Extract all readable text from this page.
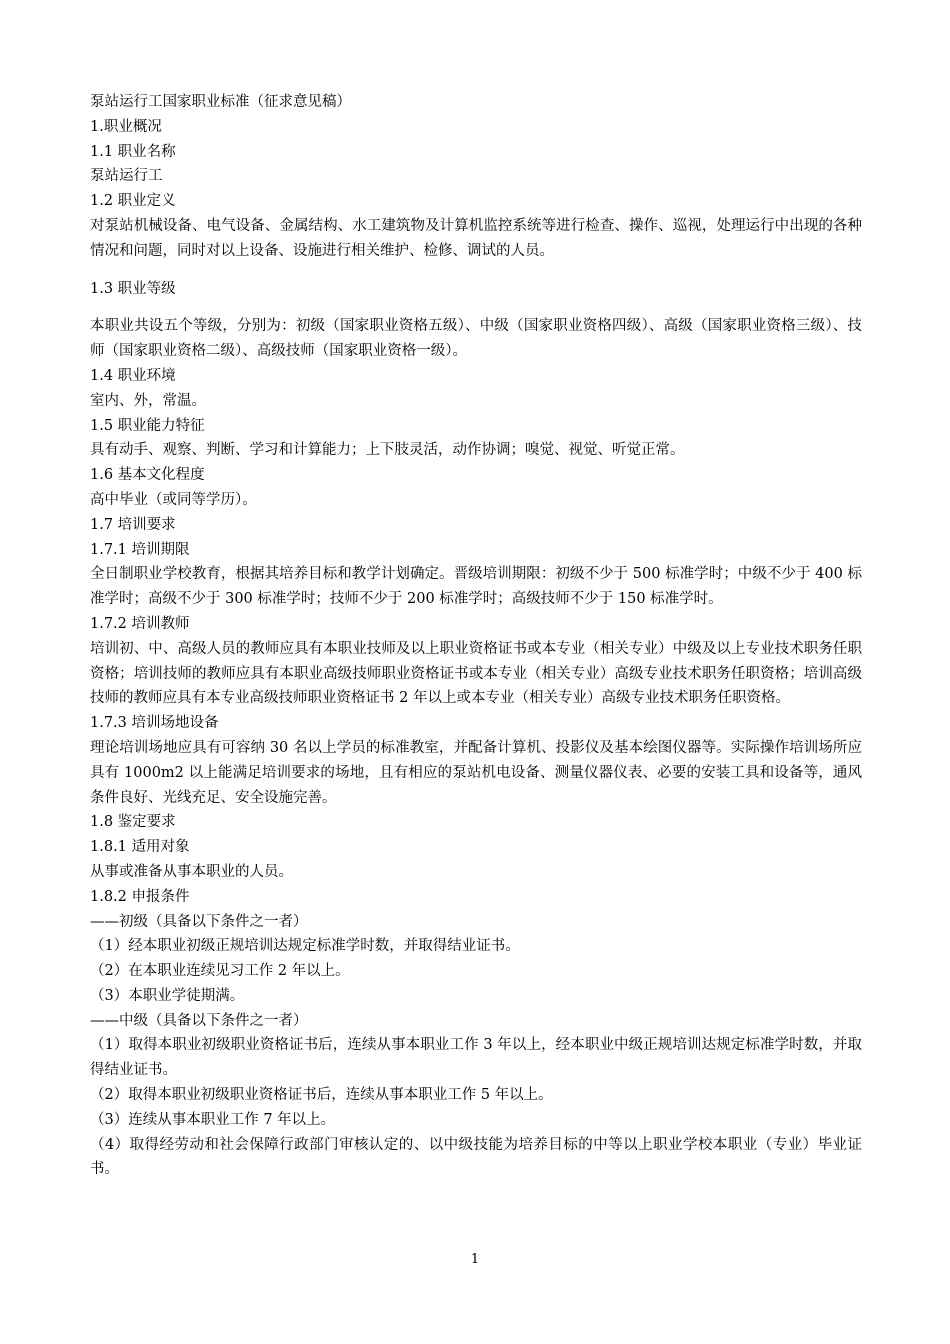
泵站运行工国家职业标准（征求意见稿）
1.职业概况
1.1 职业名称
泵站运行工
1.2 职业定义
对泵站机械设备、电气设备、金属结构、水工建筑物及计算机监控系统等进行检查、操作、巡视，处理运行中出现的各种情况和问题，同时对以上设备、设施进行相关维护、检修、调试的人员。
1.3 职业等级
本职业共设五个等级，分别为：初级（国家职业资格五级）、中级（国家职业资格四级）、高级（国家职业资格三级）、技师（国家职业资格二级）、高级技师（国家职业资格一级）。
1.4 职业环境
室内、外，常温。
1.5 职业能力特征
具有动手、观察、判断、学习和计算能力；上下肢灵活，动作协调；嗅觉、视觉、听觉正常。
1.6 基本文化程度
高中毕业（或同等学历）。
1.7 培训要求
1.7.1 培训期限
全日制职业学校教育，根据其培养目标和教学计划确定。晋级培训期限：初级不少于 500 标准学时；中级不少于 400 标准学时；高级不少于 300 标准学时；技师不少于 200 标准学时；高级技师不少于 150 标准学时。
1.7.2 培训教师
培训初、中、高级人员的教师应具有本职业技师及以上职业资格证书或本专业（相关专业）中级及以上专业技术职务任职资格；培训技师的教师应具有本职业高级技师职业资格证书或本专业（相关专业）高级专业技术职务任职资格；培训高级技师的教师应具有本专业高级技师职业资格证书 2 年以上或本专业（相关专业）高级专业技术职务任职资格。
1.7.3 培训场地设备
理论培训场地应具有可容纳 30 名以上学员的标准教室，并配备计算机、投影仪及基本绘图仪器等。实际操作培训场所应具有 1000m2 以上能满足培训要求的场地，且有相应的泵站机电设备、测量仪器仪表、必要的安装工具和设备等，通风条件良好、光线充足、安全设施完善。
1.8 鉴定要求
1.8.1 适用对象
从事或准备从事本职业的人员。
1.8.2 申报条件
——初级（具备以下条件之一者）
（1）经本职业初级正规培训达规定标准学时数，并取得结业证书。
（2）在本职业连续见习工作 2 年以上。
（3）本职业学徒期满。
——中级（具备以下条件之一者）
（1）取得本职业初级职业资格证书后，连续从事本职业工作 3 年以上，经本职业中级正规培训达规定标准学时数，并取得结业证书。
（2）取得本职业初级职业资格证书后，连续从事本职业工作 5 年以上。
（3）连续从事本职业工作 7 年以上。
（4）取得经劳动和社会保障行政部门审核认定的、以中级技能为培养目标的中等以上职业学校本职业（专业）毕业证书。
1
